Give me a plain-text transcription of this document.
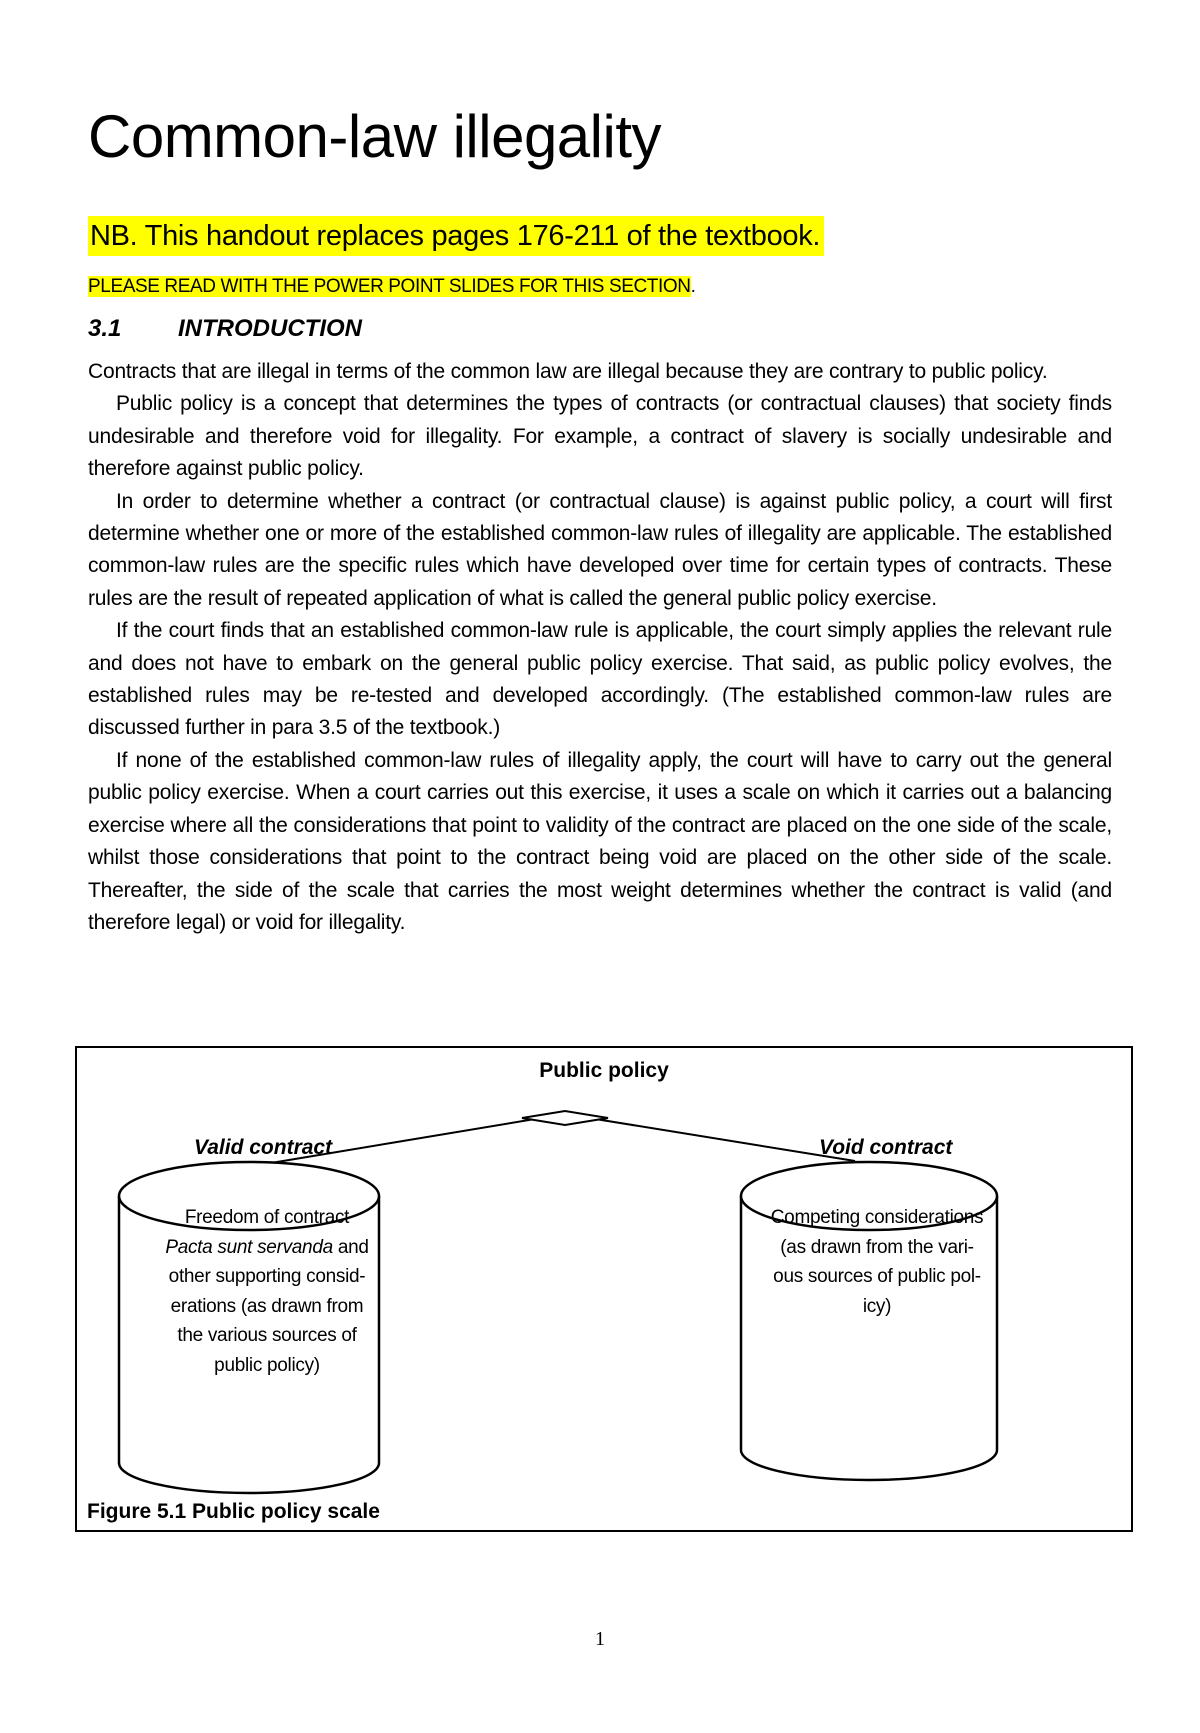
Common-law illegality
NB. This handout replaces pages 176-211 of the textbook.
PLEASE READ WITH THE POWER POINT SLIDES FOR THIS SECTION.
3.1 INTRODUCTION

Contracts that are illegal in terms of the common law are illegal because they are contrary to public policy.

Public policy is a concept that determines the types of contracts (or contractual clauses) that society finds undesirable and therefore void for illegality. For example, a contract of slavery is socially undesirable and therefore against public policy.

In order to determine whether a contract (or contractual clause) is against public policy, a court will first determine whether one or more of the established common-law rules of illegality are applicable. The established common-law rules are the specific rules which have developed over time for certain types of contracts. These rules are the result of repeated application of what is called the general public policy exercise.

If the court finds that an established common-law rule is applicable, the court simply applies the relevant rule and does not have to embark on the general public policy exercise. That said, as public policy evolves, the established rules may be re-tested and developed accordingly. (The established common-law rules are discussed further in para 3.5 of the textbook.)

If none of the established common-law rules of illegality apply, the court will have to carry out the general public policy exercise. When a court carries out this exercise, it uses a scale on which it carries out a balancing exercise where all the considerations that point to validity of the contract are placed on the one side of the scale, whilst those considerations that point to the contract being void are placed on the other side of the scale. Thereafter, the side of the scale that carries the most weight determines whether the contract is valid (and therefore legal) or void for illegality.

Public policy
Valid contract	Void contract
Freedom of contract
Pacta sunt servanda and
other supporting consid-
erations (as drawn from
the various sources of
public policy)
Competing considerations
(as drawn from the vari-
ous sources of public pol-
icy)
Figure 5.1 Public policy scale
1
